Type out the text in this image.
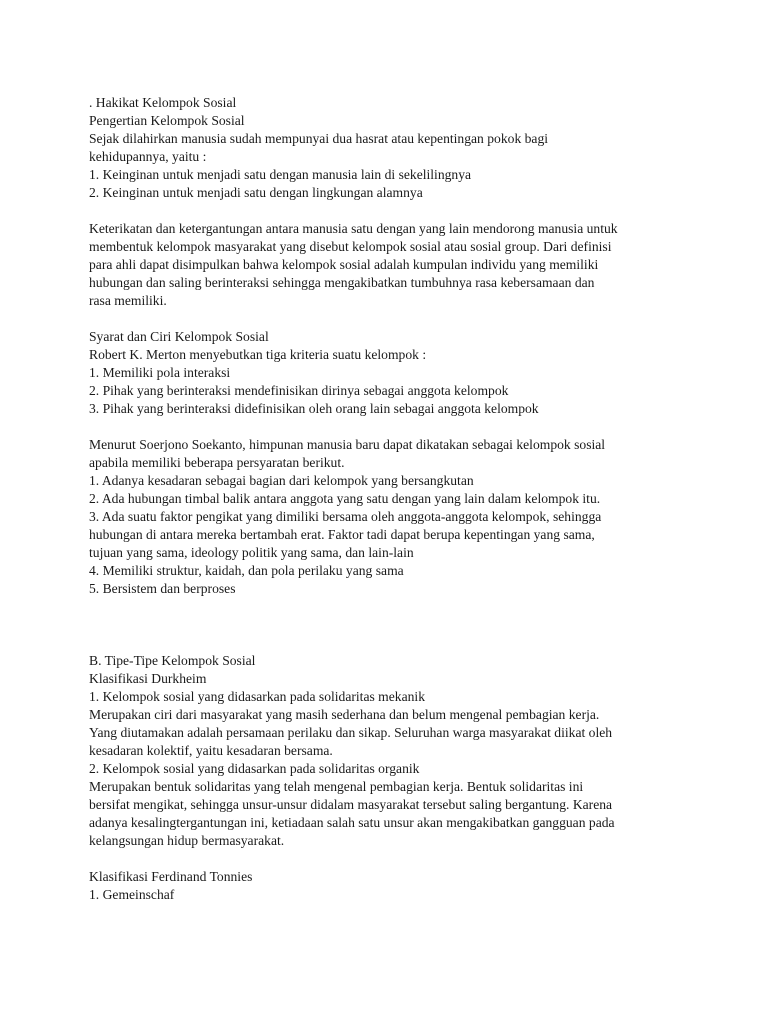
. Hakikat Kelompok Sosial
Pengertian Kelompok Sosial
Sejak dilahirkan manusia sudah mempunyai dua hasrat atau kepentingan pokok bagi
kehidupannya, yaitu :
1. Keinginan untuk menjadi satu dengan manusia lain di sekelilingnya
2. Keinginan untuk menjadi satu dengan lingkungan alamnya
Keterikatan dan ketergantungan antara manusia satu dengan yang lain mendorong manusia untuk
membentuk kelompok masyarakat yang disebut kelompok sosial atau sosial group. Dari definisi
para ahli dapat disimpulkan bahwa kelompok sosial adalah kumpulan individu yang memiliki
hubungan dan saling berinteraksi sehingga mengakibatkan tumbuhnya rasa kebersamaan dan
rasa memiliki.
Syarat dan Ciri Kelompok Sosial
Robert K. Merton menyebutkan tiga kriteria suatu kelompok :
1. Memiliki pola interaksi
2. Pihak yang berinteraksi mendefinisikan dirinya sebagai anggota kelompok
3. Pihak yang berinteraksi didefinisikan oleh orang lain sebagai anggota kelompok
Menurut Soerjono Soekanto, himpunan manusia baru dapat dikatakan sebagai kelompok sosial
apabila memiliki beberapa persyaratan berikut.
1. Adanya kesadaran sebagai bagian dari kelompok yang bersangkutan
2. Ada hubungan timbal balik antara anggota yang satu dengan yang lain dalam kelompok itu.
3. Ada suatu faktor pengikat yang dimiliki bersama oleh anggota-anggota kelompok, sehingga
hubungan di antara mereka bertambah erat. Faktor tadi dapat berupa kepentingan yang sama,
tujuan yang sama, ideology politik yang sama, dan lain-lain
4. Memiliki struktur, kaidah, dan pola perilaku yang sama
5. Bersistem dan berproses
B. Tipe-Tipe Kelompok Sosial
Klasifikasi Durkheim
1. Kelompok sosial yang didasarkan pada solidaritas mekanik
Merupakan ciri dari masyarakat yang masih sederhana dan belum mengenal pembagian kerja.
Yang diutamakan adalah persamaan perilaku dan sikap. Seluruhan warga masyarakat diikat oleh
kesadaran kolektif, yaitu kesadaran bersama.
2. Kelompok sosial yang didasarkan pada solidaritas organik
Merupakan bentuk solidaritas yang telah mengenal pembagian kerja. Bentuk solidaritas ini
bersifat mengikat, sehingga unsur-unsur didalam masyarakat tersebut saling bergantung. Karena
adanya kesalingtergantungan ini, ketiadaan salah satu unsur akan mengakibatkan gangguan pada
kelangsungan hidup bermasyarakat.
Klasifikasi Ferdinand Tonnies
1. Gemeinschaf
